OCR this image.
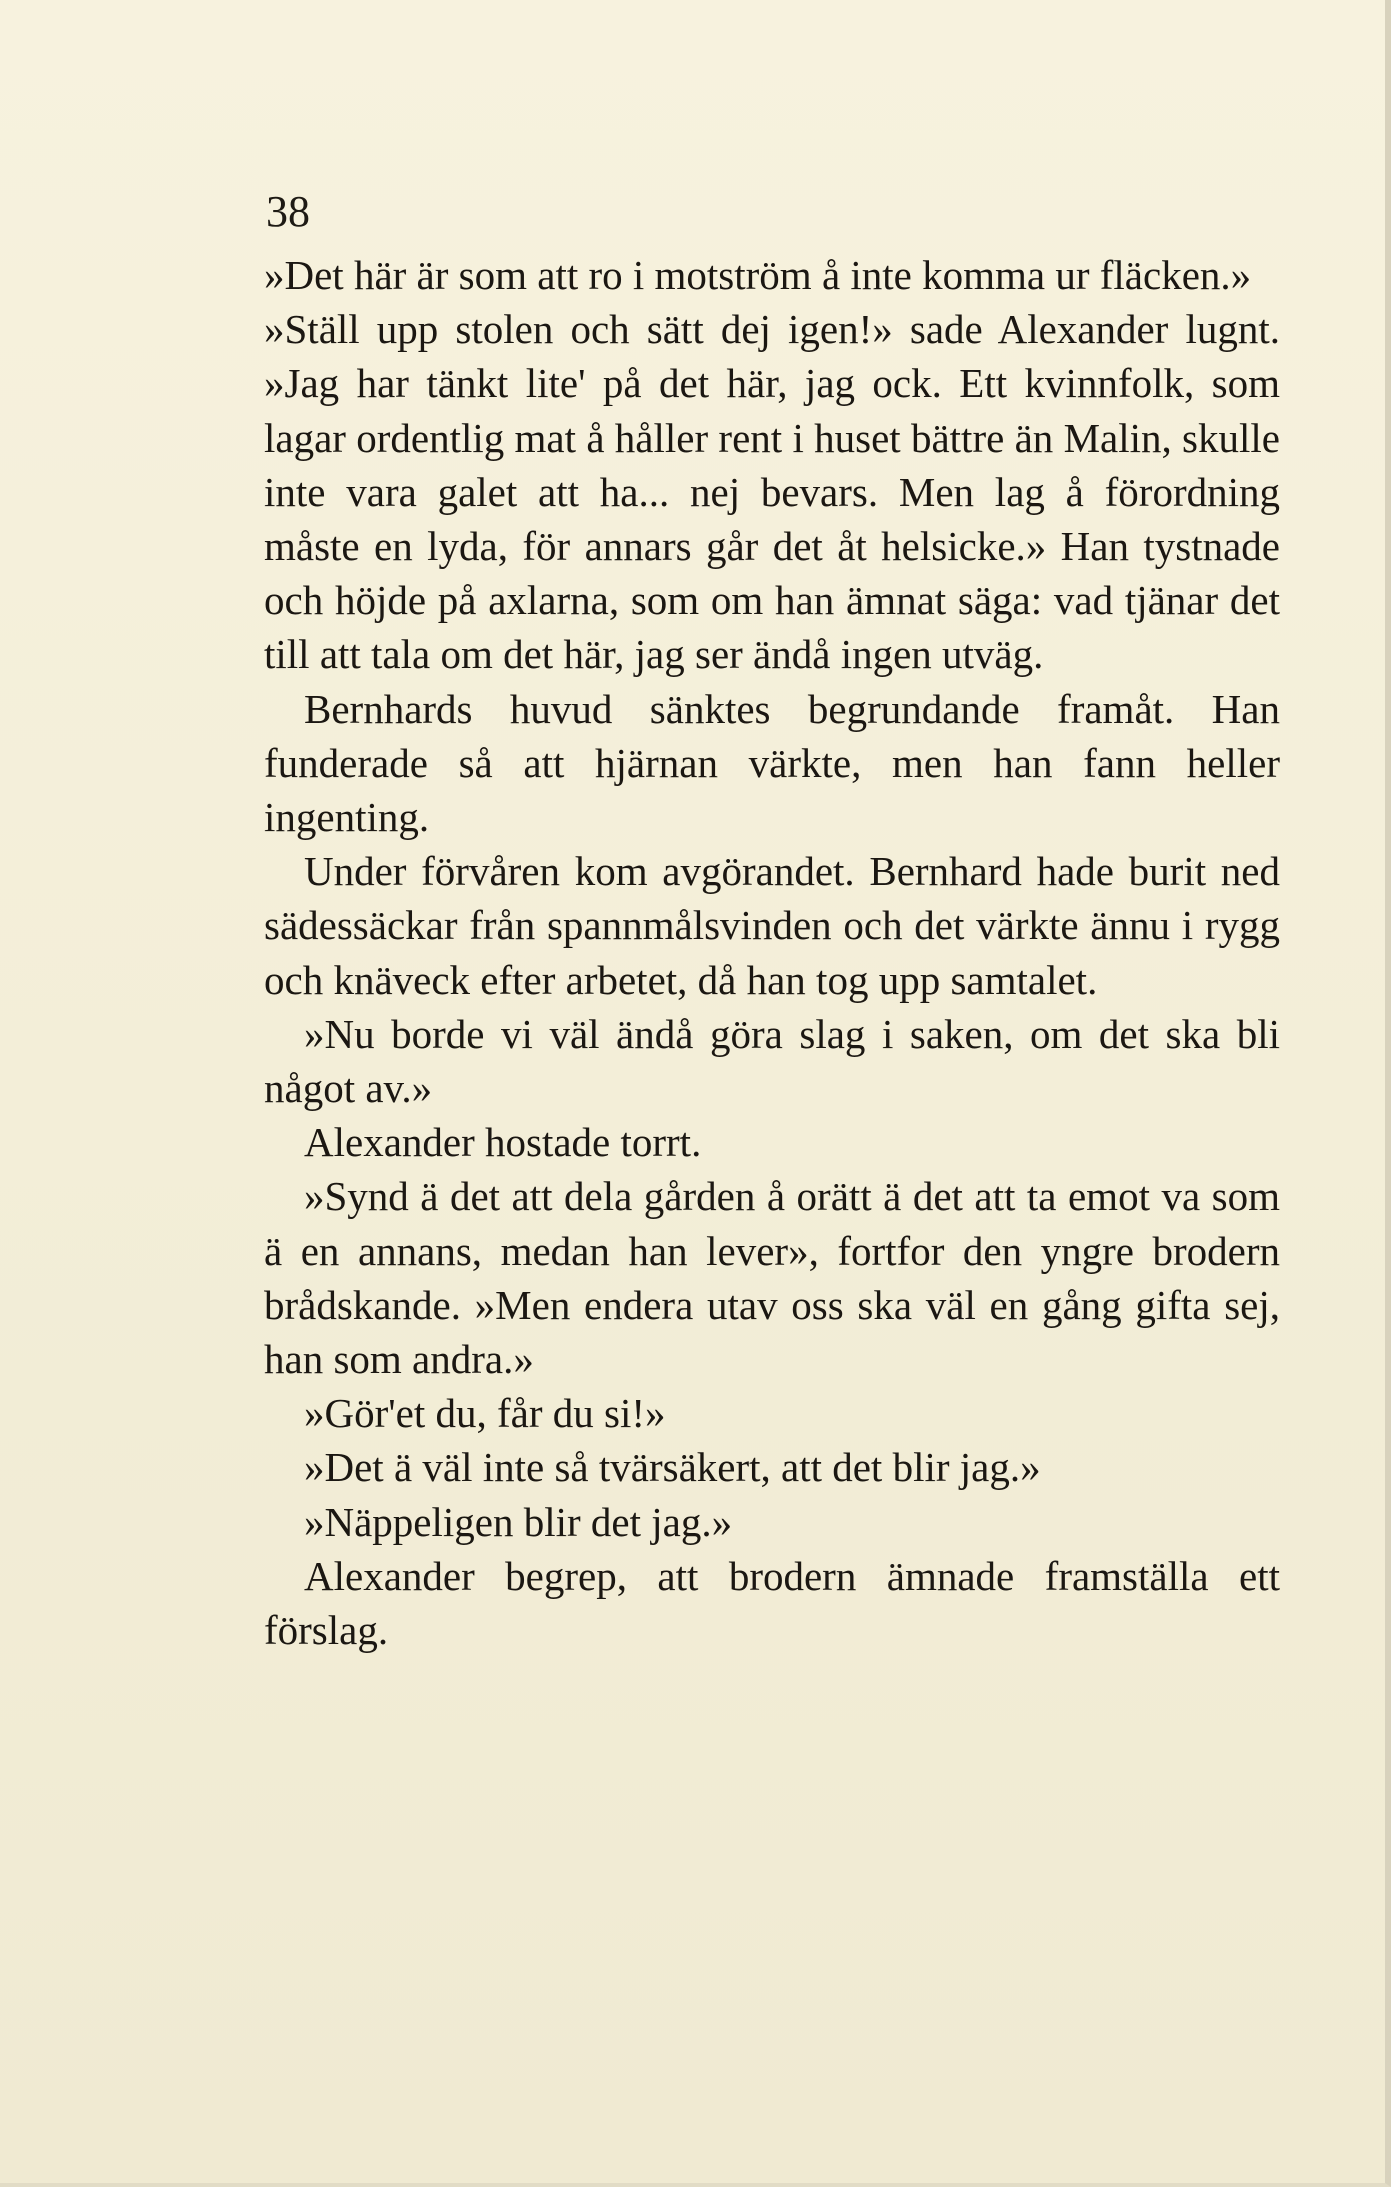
38

»Det här är som att ro i motström å inte komma ur fläcken.»

»Ställ upp stolen och sätt dej igen!» sade Alexander lugnt. »Jag har tänkt lite' på det här, jag ock. Ett kvinnfolk, som lagar ordentlig mat å håller rent i huset bättre än Malin, skulle inte vara galet att ha... nej bevars. Men lag å förordning måste en lyda, för annars går det åt helsicke.» Han tystnade och höjde på axlarna, som om han ämnat säga: vad tjänar det till att tala om det här, jag ser ändå ingen utväg.

Bernhards huvud sänktes begrundande framåt. Han funderade så att hjärnan värkte, men han fann heller ingenting.

Under förvåren kom avgörandet. Bernhard hade burit ned sädessäckar från spannmålsvinden och det värkte ännu i rygg och knäveck efter arbetet, då han tog upp samtalet.

»Nu borde vi väl ändå göra slag i saken, om det ska bli något av.»

Alexander hostade torrt.

»Synd ä det att dela gården å orätt ä det att ta emot va som ä en annans, medan han lever», fortfor den yngre brodern brådskande. »Men endera utav oss ska väl en gång gifta sej, han som andra.»

»Gör'et du, får du si!»

»Det ä väl inte så tvärsäkert, att det blir jag.»

»Näppeligen blir det jag.»

Alexander begrep, att brodern ämnade framställa ett förslag.
